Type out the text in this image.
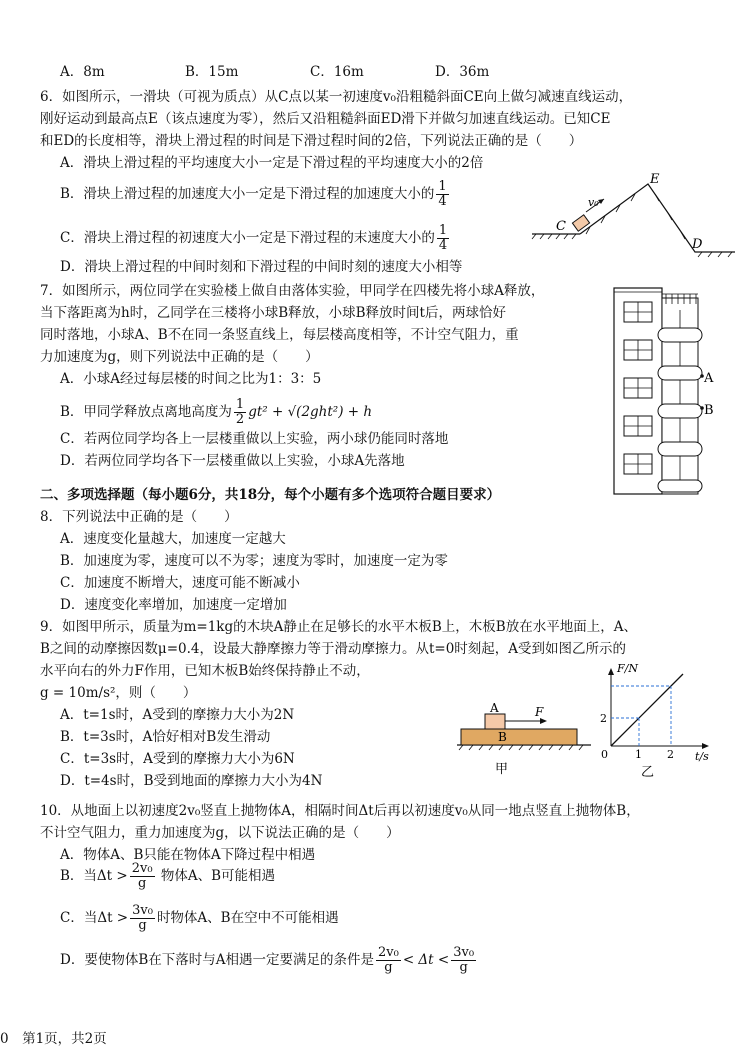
A．8m	B．15m	C．16m	D．36m
6．如图所示，一滑块（可视为质点）从C点以某一初速度v₀沿粗糙斜面CE向上做匀减速直线运动，
刚好运动到最高点E（该点速度为零），然后又沿粗糙斜面ED滑下并做匀加速直线运动。已知CE
和ED的长度相等，滑块上滑过程的时间是下滑过程时间的2倍，下列说法正确的是（　　）
A．滑块上滑过程的平均速度大小一定是下滑过程的平均速度大小的2倍
B．滑块上滑过程的加速度大小一定是下滑过程的加速度大小的 $\frac{1}{4}$
C．滑块上滑过程的初速度大小一定是下滑过程的末速度大小的 $\frac{1}{4}$
D．滑块上滑过程的中间时刻和下滑过程的中间时刻的速度大小相等
C
v₀
E
D
7．如图所示，两位同学在实验楼上做自由落体实验，甲同学在四楼先将小球A释放，
当下落距离为h时，乙同学在三楼将小球B释放，小球B释放时间t后，两球恰好
同时落地，小球A、B不在同一条竖直线上，每层楼高度相等，不计空气阻力，重
力加速度为g，则下列说法中正确的是（　　）
A．小球A经过每层楼的时间之比为1：3：5
B．甲同学释放点离地高度为 $\frac{1}{2} gt^2 + √(2ght^2) + h$
C．若两位同学均各上一层楼重做以上实验，两小球仍能同时落地
D．若两位同学均各下一层楼重做以上实验，小球A先落地
A
B
二、多项选择题（每小题6分，共18分，每个小题有多个选项符合题目要求）
8．下列说法中正确的是（　　）
A．速度变化量越大，加速度一定越大
B．加速度为零，速度可以不为零；速度为零时，加速度一定为零
C．加速度不断增大，速度可能不断减小
D．速度变化率增加，加速度一定增加
9．如图甲所示，质量为m=1kg的木块A静止在足够长的水平木板B上，木板B放在水平地面上，A、
B之间的动摩擦因数μ=0.4，设最大静摩擦力等于滑动摩擦力。从t=0时刻起，A受到如图乙所示的
水平向右的外力F作用，已知木板B始终保持静止不动，
g = 10m/s²，则（　　）
A．t=1s时，A受到的摩擦力大小为2N
B．t=3s时，A恰好相对B发生滑动
C．t=3s时，A受到的摩擦力大小为6N
D．t=4s时，B受到地面的摩擦力大小为4N
A
B
F
甲
F/N
t/s
0 1 2
2
乙
10．从地面上以初速度2v₀竖直上抛物体A，相隔时间Δt后再以初速度v₀从同一地点竖直上抛物体B，
不计空气阻力，重力加速度为g，以下说法正确的是（　　）
A．物体A、B只能在物体A下降过程中相遇
B．当$\Delta t > \frac{\text{2v₀}}{g}$ 物体A、B可能相遇
C．当$\Delta t > \frac{\text{3v₀}}{g}$ 时物体A、B在空中不可能相遇
D．要使物体B在下落时与A相遇一定要满足的条件是 $\frac{\text{2v₀}}{g} < \Delta t < \frac{\text{3v₀}}{g}$
0　第1页，共2页
